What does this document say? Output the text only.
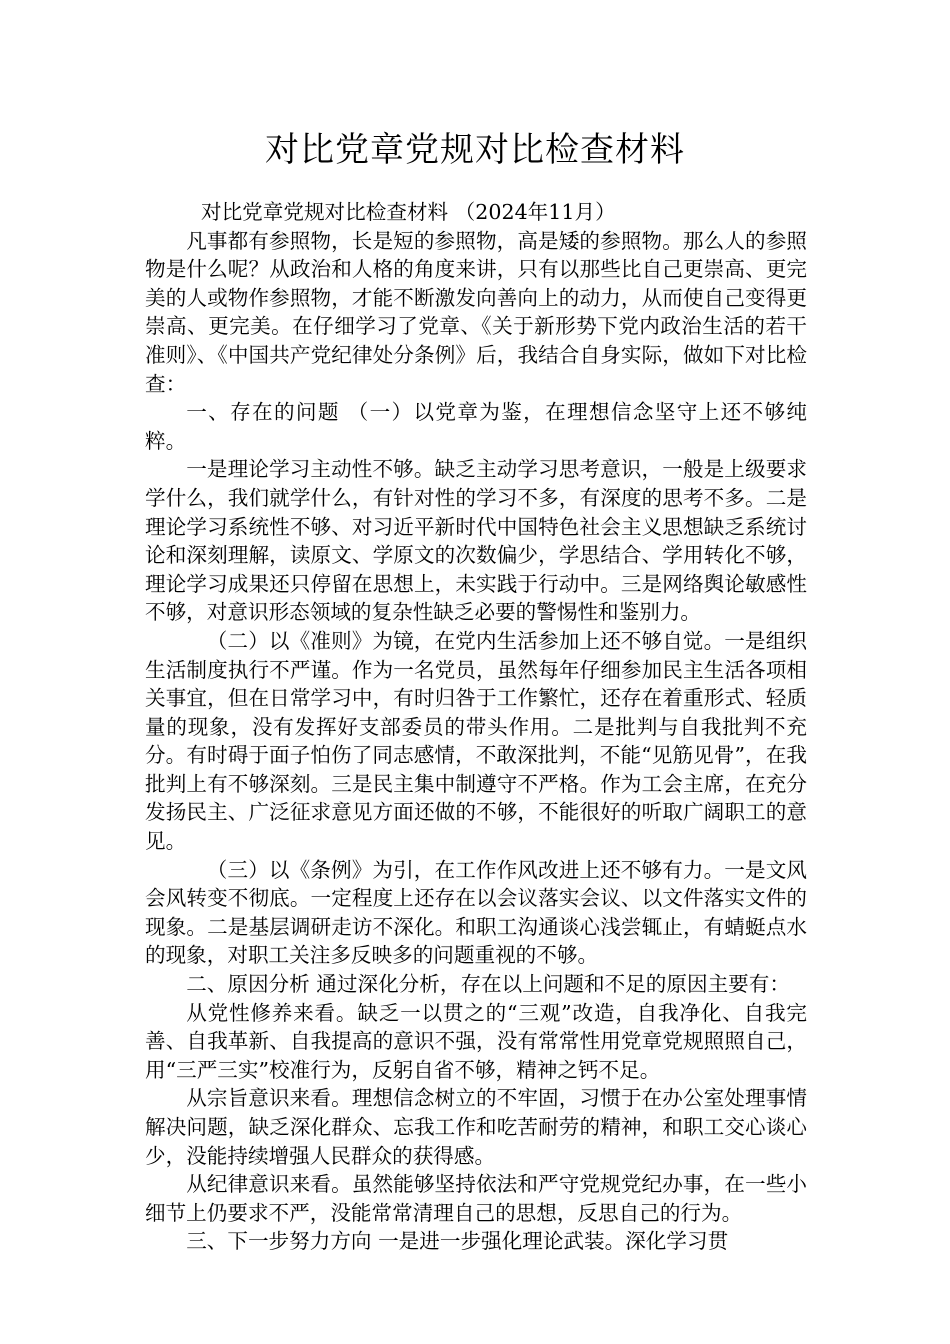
对比党章党规对比检查材料

对比党章党规对比检查材料 （2024年11月）

凡事都有参照物，长是短的参照物，高是矮的参照物。那么人的参照物是什么呢？从政治和人格的角度来讲，只有以那些比自己更崇高、更完美的人或物作参照物，才能不断激发向善向上的动力，从而使自己变得更崇高、更完美。在仔细学习了党章、《关于新形势下党内政治生活的若干准则》、《中国共产党纪律处分条例》后，我结合自身实际，做如下对比检查：

一、存在的问题 （一）以党章为鉴，在理想信念坚守上还不够纯粹。

一是理论学习主动性不够。缺乏主动学习思考意识，一般是上级要求学什么，我们就学什么，有针对性的学习不多，有深度的思考不多。二是理论学习系统性不够、对习近平新时代中国特色社会主义思想缺乏系统讨论和深刻理解，读原文、学原文的次数偏少，学思结合、学用转化不够，理论学习成果还只停留在思想上，未实践于行动中。三是网络舆论敏感性不够，对意识形态领域的复杂性缺乏必要的警惕性和鉴别力。

（二）以《准则》为镜，在党内生活参加上还不够自觉。一是组织生活制度执行不严谨。作为一名党员，虽然每年仔细参加民主生活各项相关事宜，但在日常学习中，有时归咎于工作繁忙，还存在着重形式、轻质量的现象，没有发挥好支部委员的带头作用。二是批判与自我批判不充分。有时碍于面子怕伤了同志感情，不敢深批判，不能“见筋见骨”，在我批判上有不够深刻。三是民主集中制遵守不严格。作为工会主席，在充分发扬民主、广泛征求意见方面还做的不够，不能很好的听取广阔职工的意见。

（三）以《条例》为引，在工作作风改进上还不够有力。一是文风会风转变不彻底。一定程度上还存在以会议落实会议、以文件落实文件的现象。二是基层调研走访不深化。和职工沟通谈心浅尝辄止，有蜻蜓点水的现象，对职工关注多反映多的问题重视的不够。

二、原因分析 通过深化分析，存在以上问题和不足的原因主要有：

从党性修养来看。缺乏一以贯之的“三观”改造，自我净化、自我完善、自我革新、自我提高的意识不强，没有常常性用党章党规照照自己，用“三严三实”校准行为，反躬自省不够，精神之钙不足。

从宗旨意识来看。理想信念树立的不牢固，习惯于在办公室处理事情解决问题，缺乏深化群众、忘我工作和吃苦耐劳的精神，和职工交心谈心少，没能持续增强人民群众的获得感。

从纪律意识来看。虽然能够坚持依法和严守党规党纪办事，在一些小细节上仍要求不严，没能常常清理自己的思想，反思自己的行为。

三、下一步努力方向 一是进一步强化理论武装。深化学习贯
